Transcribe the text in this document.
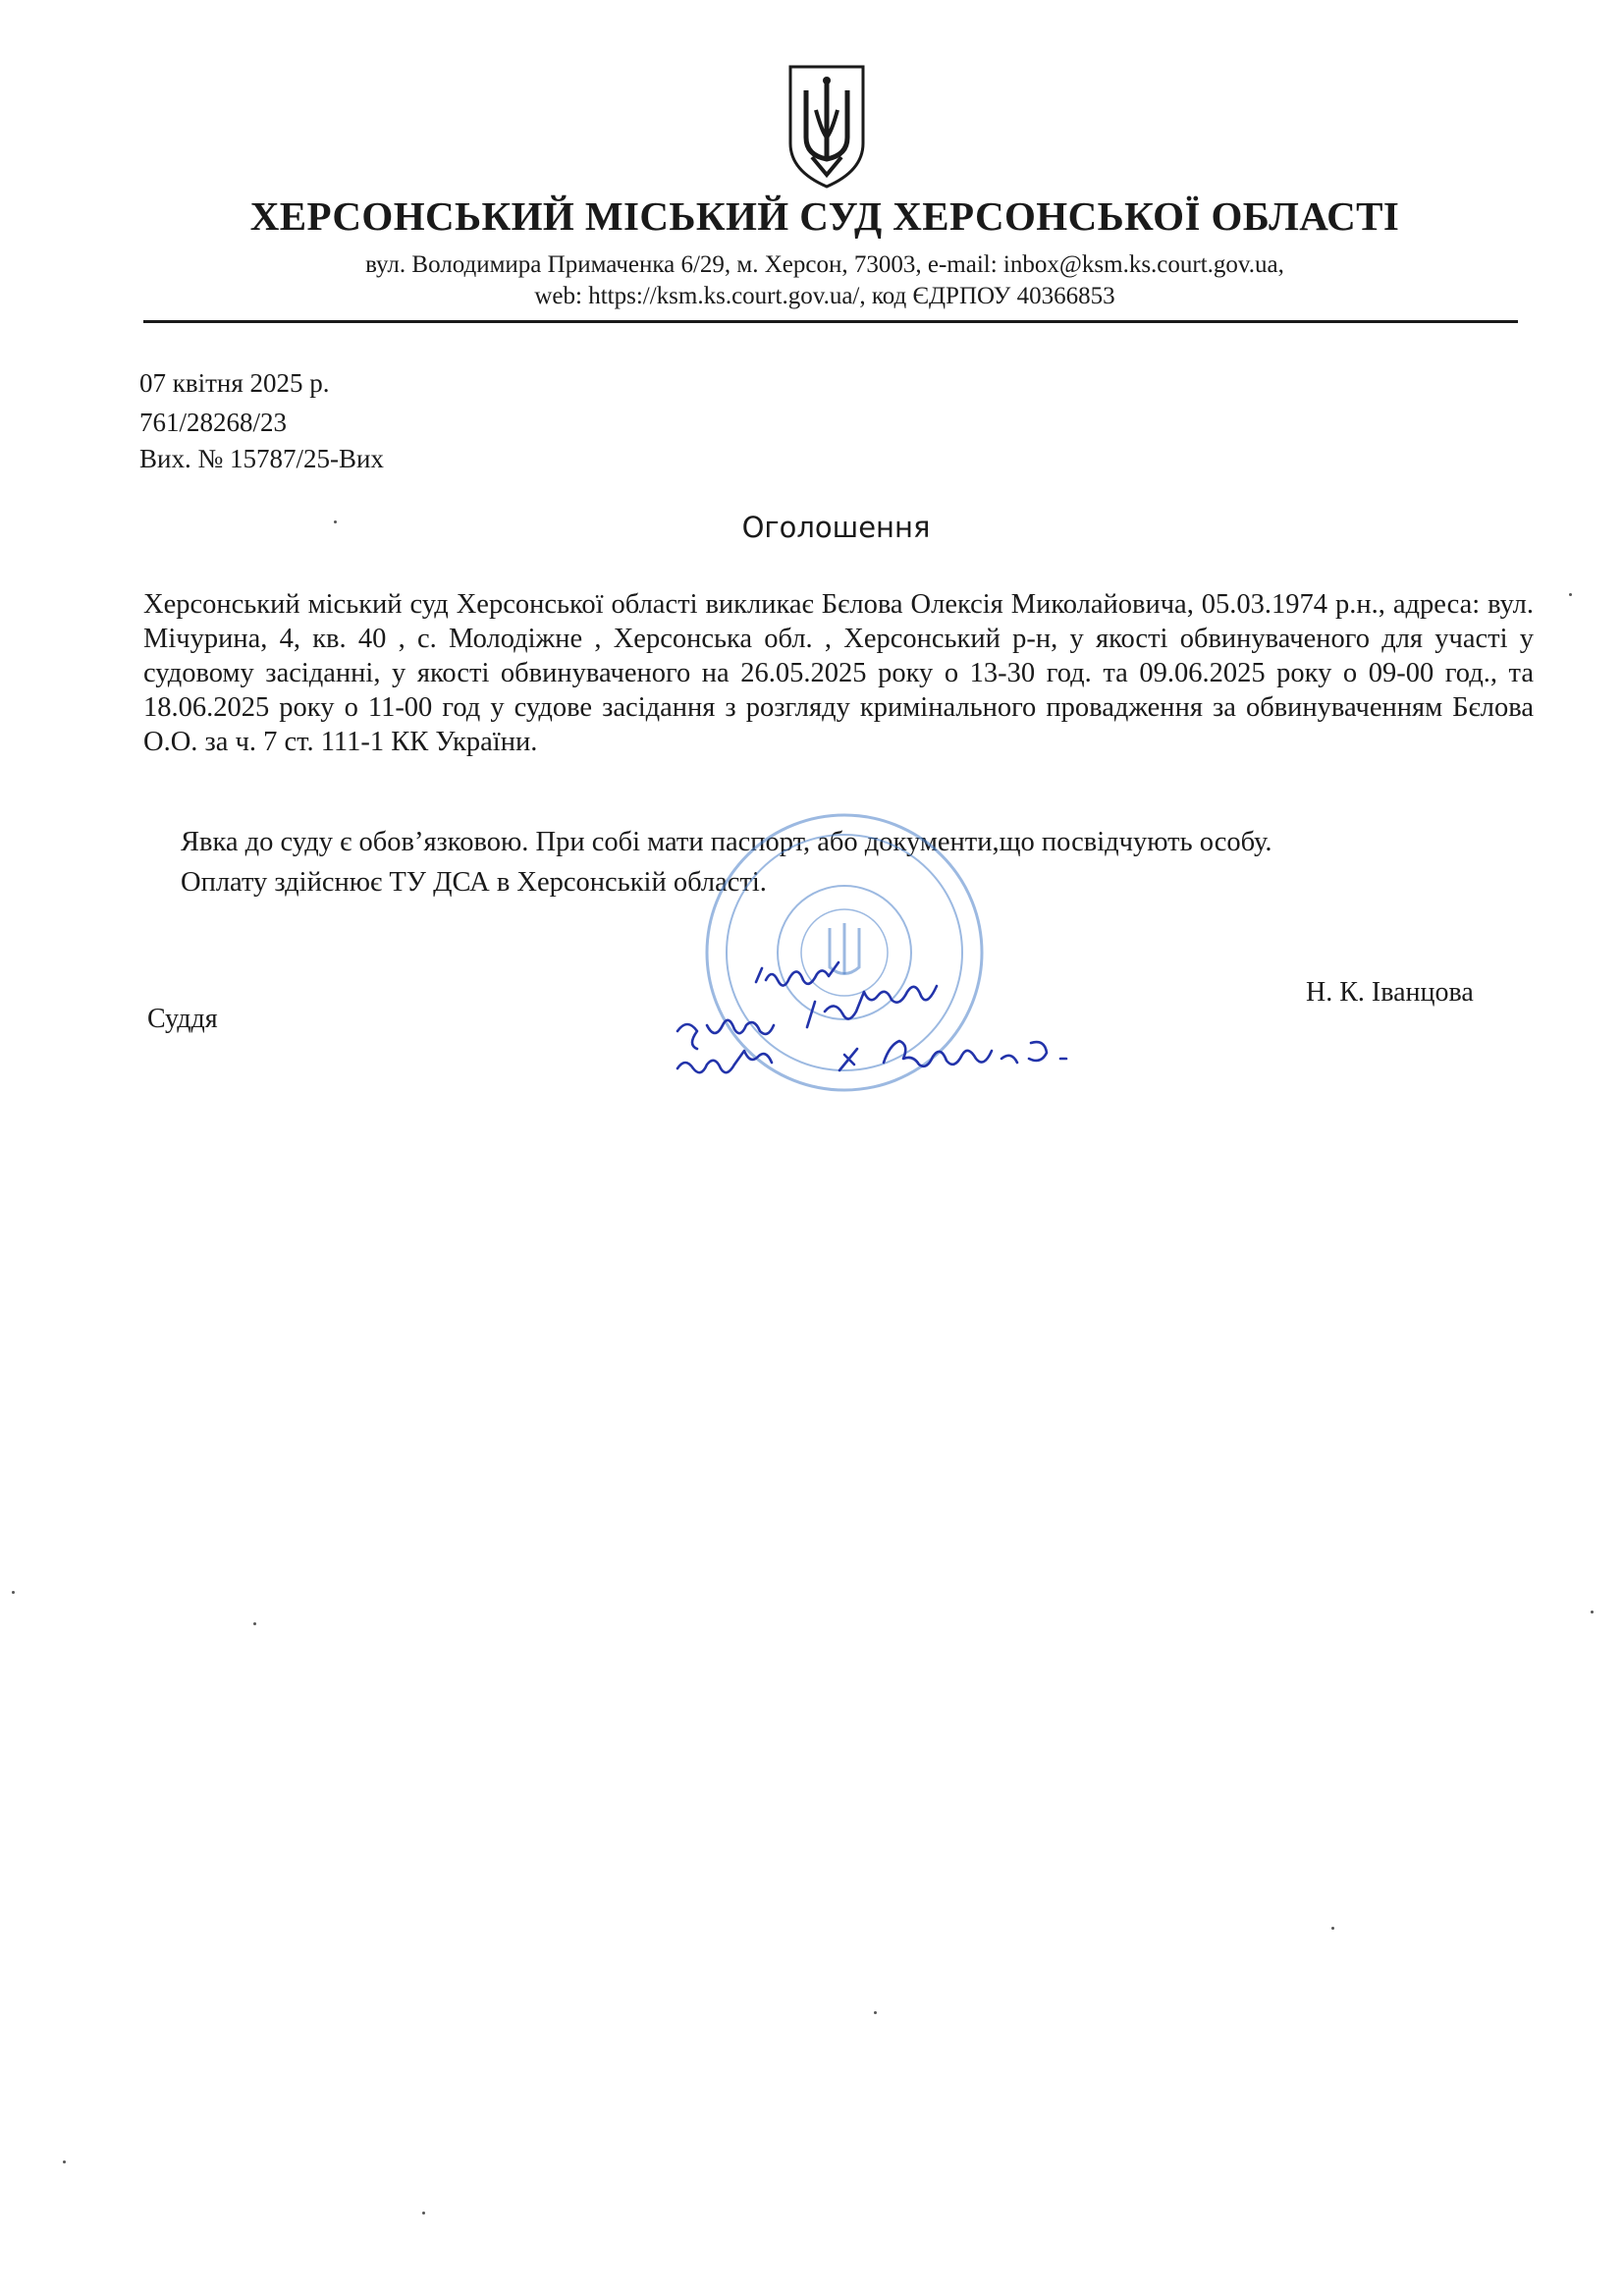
ХЕРСОНСЬКИЙ МІСЬКИЙ СУД ХЕРСОНСЬКОЇ ОБЛАСТІ
вул. Володимира Примаченка 6/29, м. Херсон, 73003, e-mail: inbox@ksm.ks.court.gov.ua,
web: https://ksm.ks.court.gov.ua/, код ЄДРПОУ 40366853
07 квітня 2025 р.
761/28268/23
Вих. № 15787/25-Вих
Оголошення

Херсонський міський суд Херсонської області викликає Бєлова Олексія Миколайовича, 05.03.1974 р.н., адреса: вул. Мічурина, 4, кв. 40 , с. Молодіжне , Херсонська обл. , Херсонський р-н, у якості обвинуваченого для участі у судовому засіданні, у якості обвинуваченого на 26.05.2025 року о 13-30 год. та 09.06.2025 року о 09-00 год., та 18.06.2025 року о 11-00 год у судове засідання з розгляду кримінального провадження за обвинуваченням Бєлова О.О. за ч. 7 ст. 111-1 КК України.

Явка до суду є обов’язковою. При собі мати паспорт, або документи,що посвідчують особу.
Оплату здійснює ТУ ДСА в Херсонській області.
Суддя
Н. К. Іванцова
